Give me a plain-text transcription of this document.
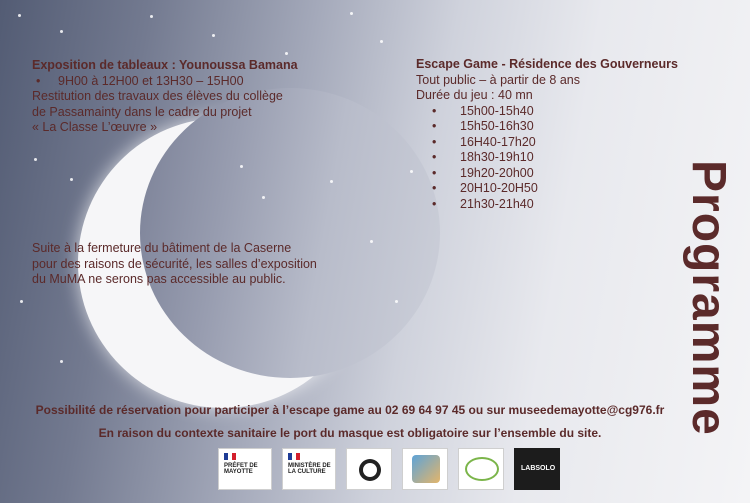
Exposition de tableaux : Younoussa Bamana
• 9H00 à 12H00 et 13H30 – 15H00
Restitution des travaux des élèves du collège
de Passamainty dans le cadre du projet
« La Classe L’œuvre »
Suite à la fermeture du bâtiment de la Caserne
pour des raisons de sécurité, les salles d’exposition
du MuMA ne serons pas accessible au public.
Escape Game - Résidence des Gouverneurs
Tout public – à partir de 8 ans
Durée du jeu : 40 mn
• 15h00-15h40
• 15h50-16h30
• 16H40-17h20
• 18h30-19h10
• 19h20-20h00
• 20H10-20H50
• 21h30-21h40	Programme
Possibilité de réservation pour participer à l’escape game au 02 69 64 97 45 ou sur museedemayotte@cg976.fr
En raison du contexte sanitaire le port du masque est obligatoire sur l’ensemble du site.
PRÉFET DE MAYOTTE
MINISTÈRE DE LA CULTURE	LABSOLO
